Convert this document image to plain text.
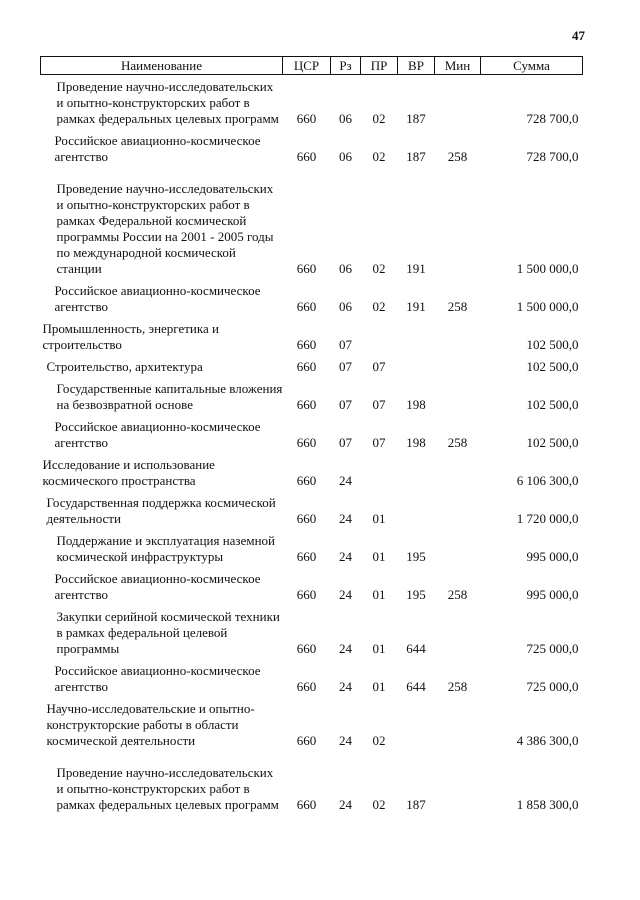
47
Наименование	ЦСР	Рз	ПР	ВР	Мин	Сумма
Проведение научно-исследовательских и опытно-конструкторских работ в рамках федеральных целевых программ	660	06	02	187		728 700,0
Российское авиационно-космическое агентство	660	06	02	187	258	728 700,0
Проведение научно-исследовательских и опытно-конструкторских работ в рамках Федеральной космической программы России на 2001 - 2005 годы по международной космической станции	660	06	02	191		1 500 000,0
Российское авиационно-космическое агентство	660	06	02	191	258	1 500 000,0
Промышленность, энергетика и строительство	660	07				102 500,0
Строительство, архитектура	660	07	07			102 500,0
Государственные капитальные вложения на безвозвратной основе	660	07	07	198		102 500,0
Российское авиационно-космическое агентство	660	07	07	198	258	102 500,0
Исследование и использование космического пространства	660	24				6 106 300,0
Государственная поддержка космической деятельности	660	24	01			1 720 000,0
Поддержание и эксплуатация наземной космической инфраструктуры	660	24	01	195		995 000,0
Российское авиационно-космическое агентство	660	24	01	195	258	995 000,0
Закупки серийной космической техники в рамках федеральной целевой программы	660	24	01	644		725 000,0
Российское авиационно-космическое агентство	660	24	01	644	258	725 000,0
Научно-исследовательские и опытно-конструкторские работы в области космической деятельности	660	24	02			4 386 300,0
Проведение научно-исследовательских и опытно-конструкторских работ в рамках федеральных целевых программ	660	24	02	187		1 858 300,0
